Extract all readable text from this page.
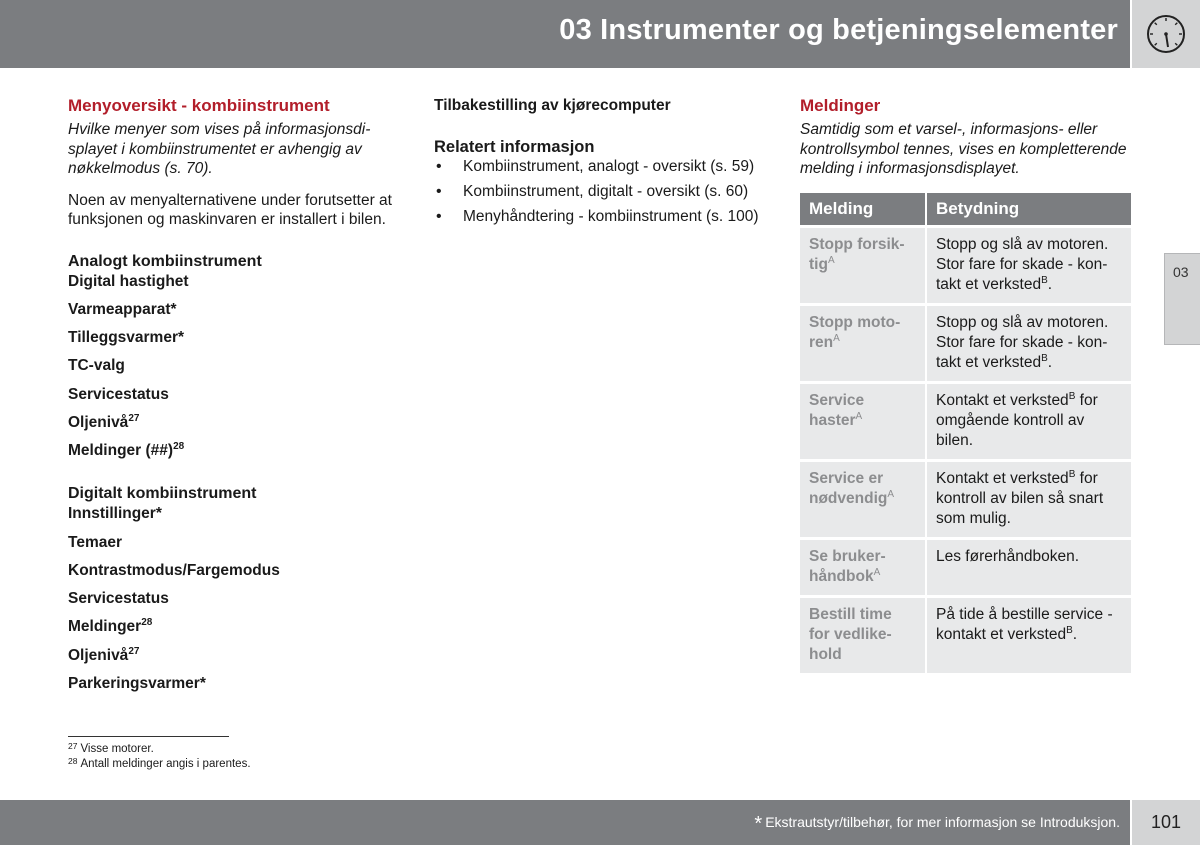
03 Instrumenter og betjeningselementer
03
Menyoversikt - kombiinstrument

Hvilke menyer som vises på informasjonsdisplayet i kombiinstrumentet er avhengig av nøkkelmodus (s. 70).

Noen av menyalternativene under forutsetter at funksjonen og maskinvaren er installert i bilen.

Analogt kombiinstrument
Digital hastighet
Varmeapparat*
Tilleggsvarmer*
TC-valg
Servicestatus
Oljenivå$^{27}$
Meldinger (##)$^{28}$
Digitalt kombiinstrument
Innstillinger*
Temaer
Kontrastmodus/Fargemodus
Servicestatus
Meldinger$^{28}$
Oljenivå$^{27}$
Parkeringsvarmer*
$^{27}$ Visse motorer.
$^{28}$ Antall meldinger angis i parentes.
Tilbakestilling av kjørecomputer
Relatert informasjon
• Kombiinstrument, analogt - oversikt (s. 59)
• Kombiinstrument, digitalt - oversikt (s. 60)
• Menyhåndtering - kombiinstrument (s. 100)
Meldinger

Samtidig som et varsel-, informasjons- eller kontrollsymbol tennes, vises en kompletterende melding i informasjonsdisplayet.

Melding	Betydning
Stopp forsiktig$^A$	Stopp og slå av motoren. Stor fare for skade - kontakt et verksted$^B$.
Stopp motoren$^A$	Stopp og slå av motoren. Stor fare for skade - kontakt et verksted$^B$.
Service haster$^A$	Kontakt et verksted$^B$ for omgående kontroll av bilen.
Service er nødvendig$^A$	Kontakt et verksted$^B$ for kontroll av bilen så snart som mulig.
Se brukerhåndbok$^A$	Les førerhåndboken.
Bestill time for vedlikehold	På tide å bestille service - kontakt et verksted$^B$.
* Ekstrautstyr/tilbehør, for mer informasjon se Introduksjon. 101
